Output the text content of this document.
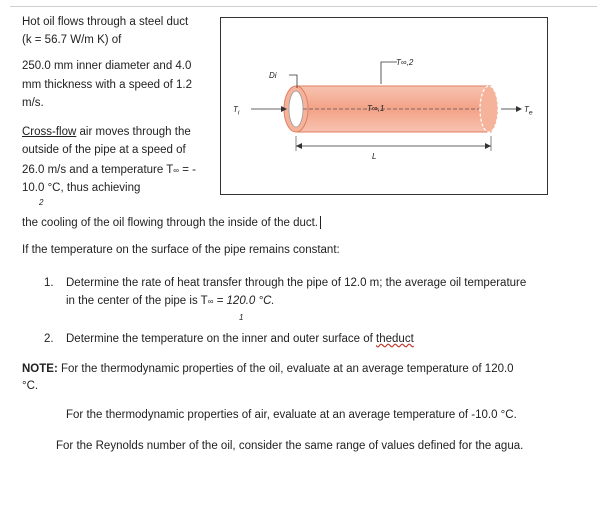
Hot oil flows through a steel duct
(k = 56.7 W/m K) of
250.0 mm inner diameter and 4.0
mm thickness with a speed of 1.2
m/s.
Cross-flow air moves through the
outside of the pipe at a speed of
26.0 m/s and a temperature T∞ = -
10.0 °C, thus achieving
2
$T_i$	$T_e$
Di
T∞,2
T∞,1
L
the cooling of the oil flowing through the inside of the duct.
If the temperature on the surface of the pipe remains constant:
1. Determine the rate of heat transfer through the pipe of 12.0 m; the average oil temperature
in the center of the pipe is T∞ = 120.0 °C.
1
2. Determine the temperature on the inner and outer surface of theduct
NOTE: For the thermodynamic properties of the oil, evaluate at an average temperature of 120.0
°C.
For the thermodynamic properties of air, evaluate at an average temperature of -10.0 °C.
For the Reynolds number of the oil, consider the same range of values defined for the agua.
